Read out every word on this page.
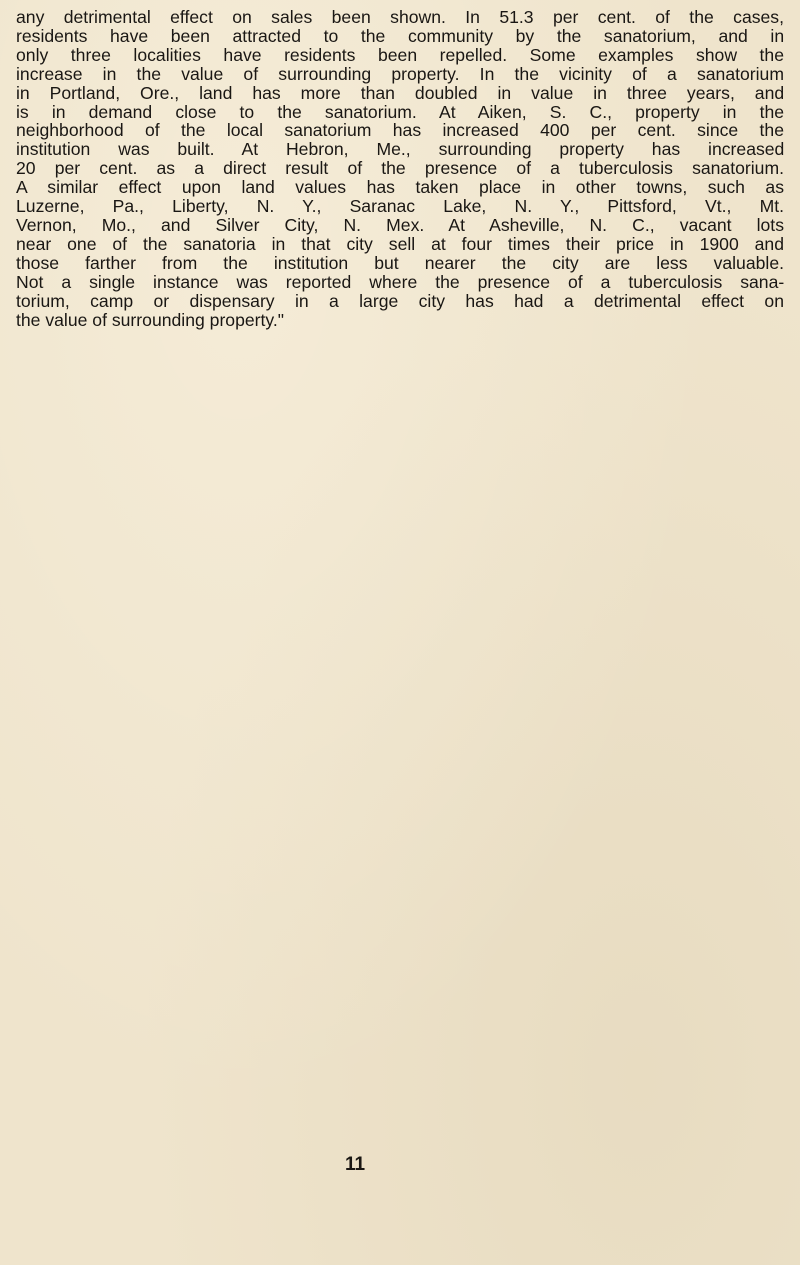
any detrimental effect on sales been shown. In 51.3 per cent. of the cases,
residents have been attracted to the community by the sanatorium, and in
only three localities have residents been repelled. Some examples show the
increase in the value of surrounding property. In the vicinity of a sanatorium
in Portland, Ore., land has more than doubled in value in three years, and
is in demand close to the sanatorium. At Aiken, S. C., property in the
neighborhood of the local sanatorium has increased 400 per cent. since the
institution was built. At Hebron, Me., surrounding property has increased
20 per cent. as a direct result of the presence of a tuberculosis sanatorium.
A similar effect upon land values has taken place in other towns, such as
Luzerne, Pa., Liberty, N. Y., Saranac Lake, N. Y., Pittsford, Vt., Mt.
Vernon, Mo., and Silver City, N. Mex. At Asheville, N. C., vacant lots
near one of the sanatoria in that city sell at four times their price in 1900 and
those farther from the institution but nearer the city are less valuable.
Not a single instance was reported where the presence of a tuberculosis sana-
torium, camp or dispensary in a large city has had a detrimental effect on
the value of surrounding property."
11
